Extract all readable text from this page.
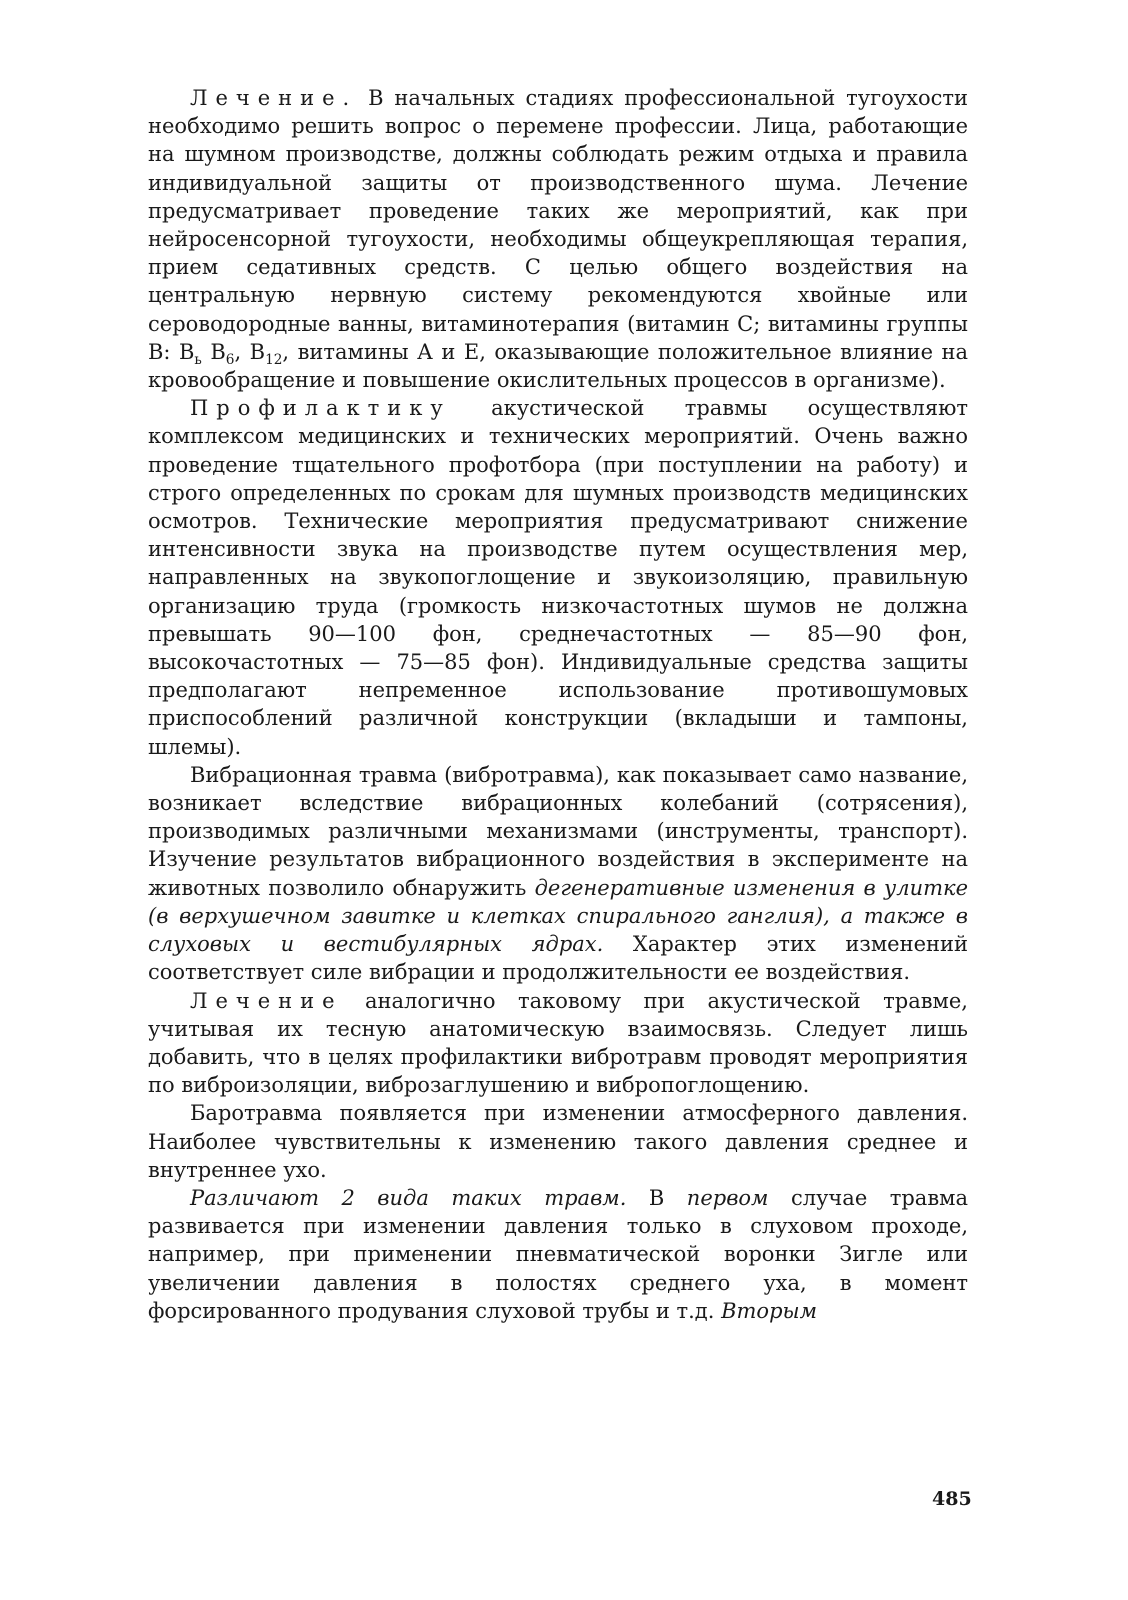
Лечение. В начальных стадиях профессиональной тугоухости необходимо решить вопрос о перемене профессии. Лица, работающие на шумном производстве, должны соблюдать режим отдыха и правила индивидуальной защиты от производственного шума. Лечение предусматривает проведение таких же мероприятий, как при нейросенсорной тугоухости, необходимы общеукрепляющая терапия, прием седативных средств. С целью общего воздействия на центральную нервную систему рекомендуются хвойные или сероводородные ванны, витаминотерапия (витамин С; витамины группы В: $В_ь$ $В_6$, $В_{12}$, витамины А и Е, оказывающие положительное влияние на кровообращение и повышение окислительных процессов в организме).

Профилактику акустической травмы осуществляют комплексом медицинских и технических мероприятий. Очень важно проведение тщательного профотбора (при поступлении на работу) и строго определенных по срокам для шумных производств медицинских осмотров. Технические мероприятия предусматривают снижение интенсивности звука на производстве путем осуществления мер, направленных на звукопоглощение и звукоизоляцию, правильную организацию труда (громкость низкочастотных шумов не должна превышать 90—100 фон, среднечастотных — 85—90 фон, высокочастотных — 75—85 фон). Индивидуальные средства защиты предполагают непременное использование противошумовых приспособлений различной конструкции (вкладыши и тампоны, шлемы).

Вибрационная травма (вибротравма), как показывает само название, возникает вследствие вибрационных колебаний (сотрясения), производимых различными механизмами (инструменты, транспорт). Изучение результатов вибрационного воздействия в эксперименте на животных позволило обнаружить дегенеративные изменения в улитке (в верхушечном завитке и клетках спирального ганглия), а также в слуховых и вестибулярных ядрах. Характер этих изменений соответствует силе вибрации и продолжительности ее воздействия.

Лечение аналогично таковому при акустической травме, учитывая их тесную анатомическую взаимосвязь. Следует лишь добавить, что в целях профилактики вибротравм проводят мероприятия по виброизоляции, виброзаглушению и вибропоглощению.

Баротравма появляется при изменении атмосферного давления. Наиболее чувствительны к изменению такого давления среднее и внутреннее ухо.

Различают 2 вида таких травм. В первом случае травма развивается при изменении давления только в слуховом проходе, например, при применении пневматической воронки Зигле или увеличении давления в полостях среднего уха, в момент форсированного продувания слуховой трубы и т.д. Вторым

485
